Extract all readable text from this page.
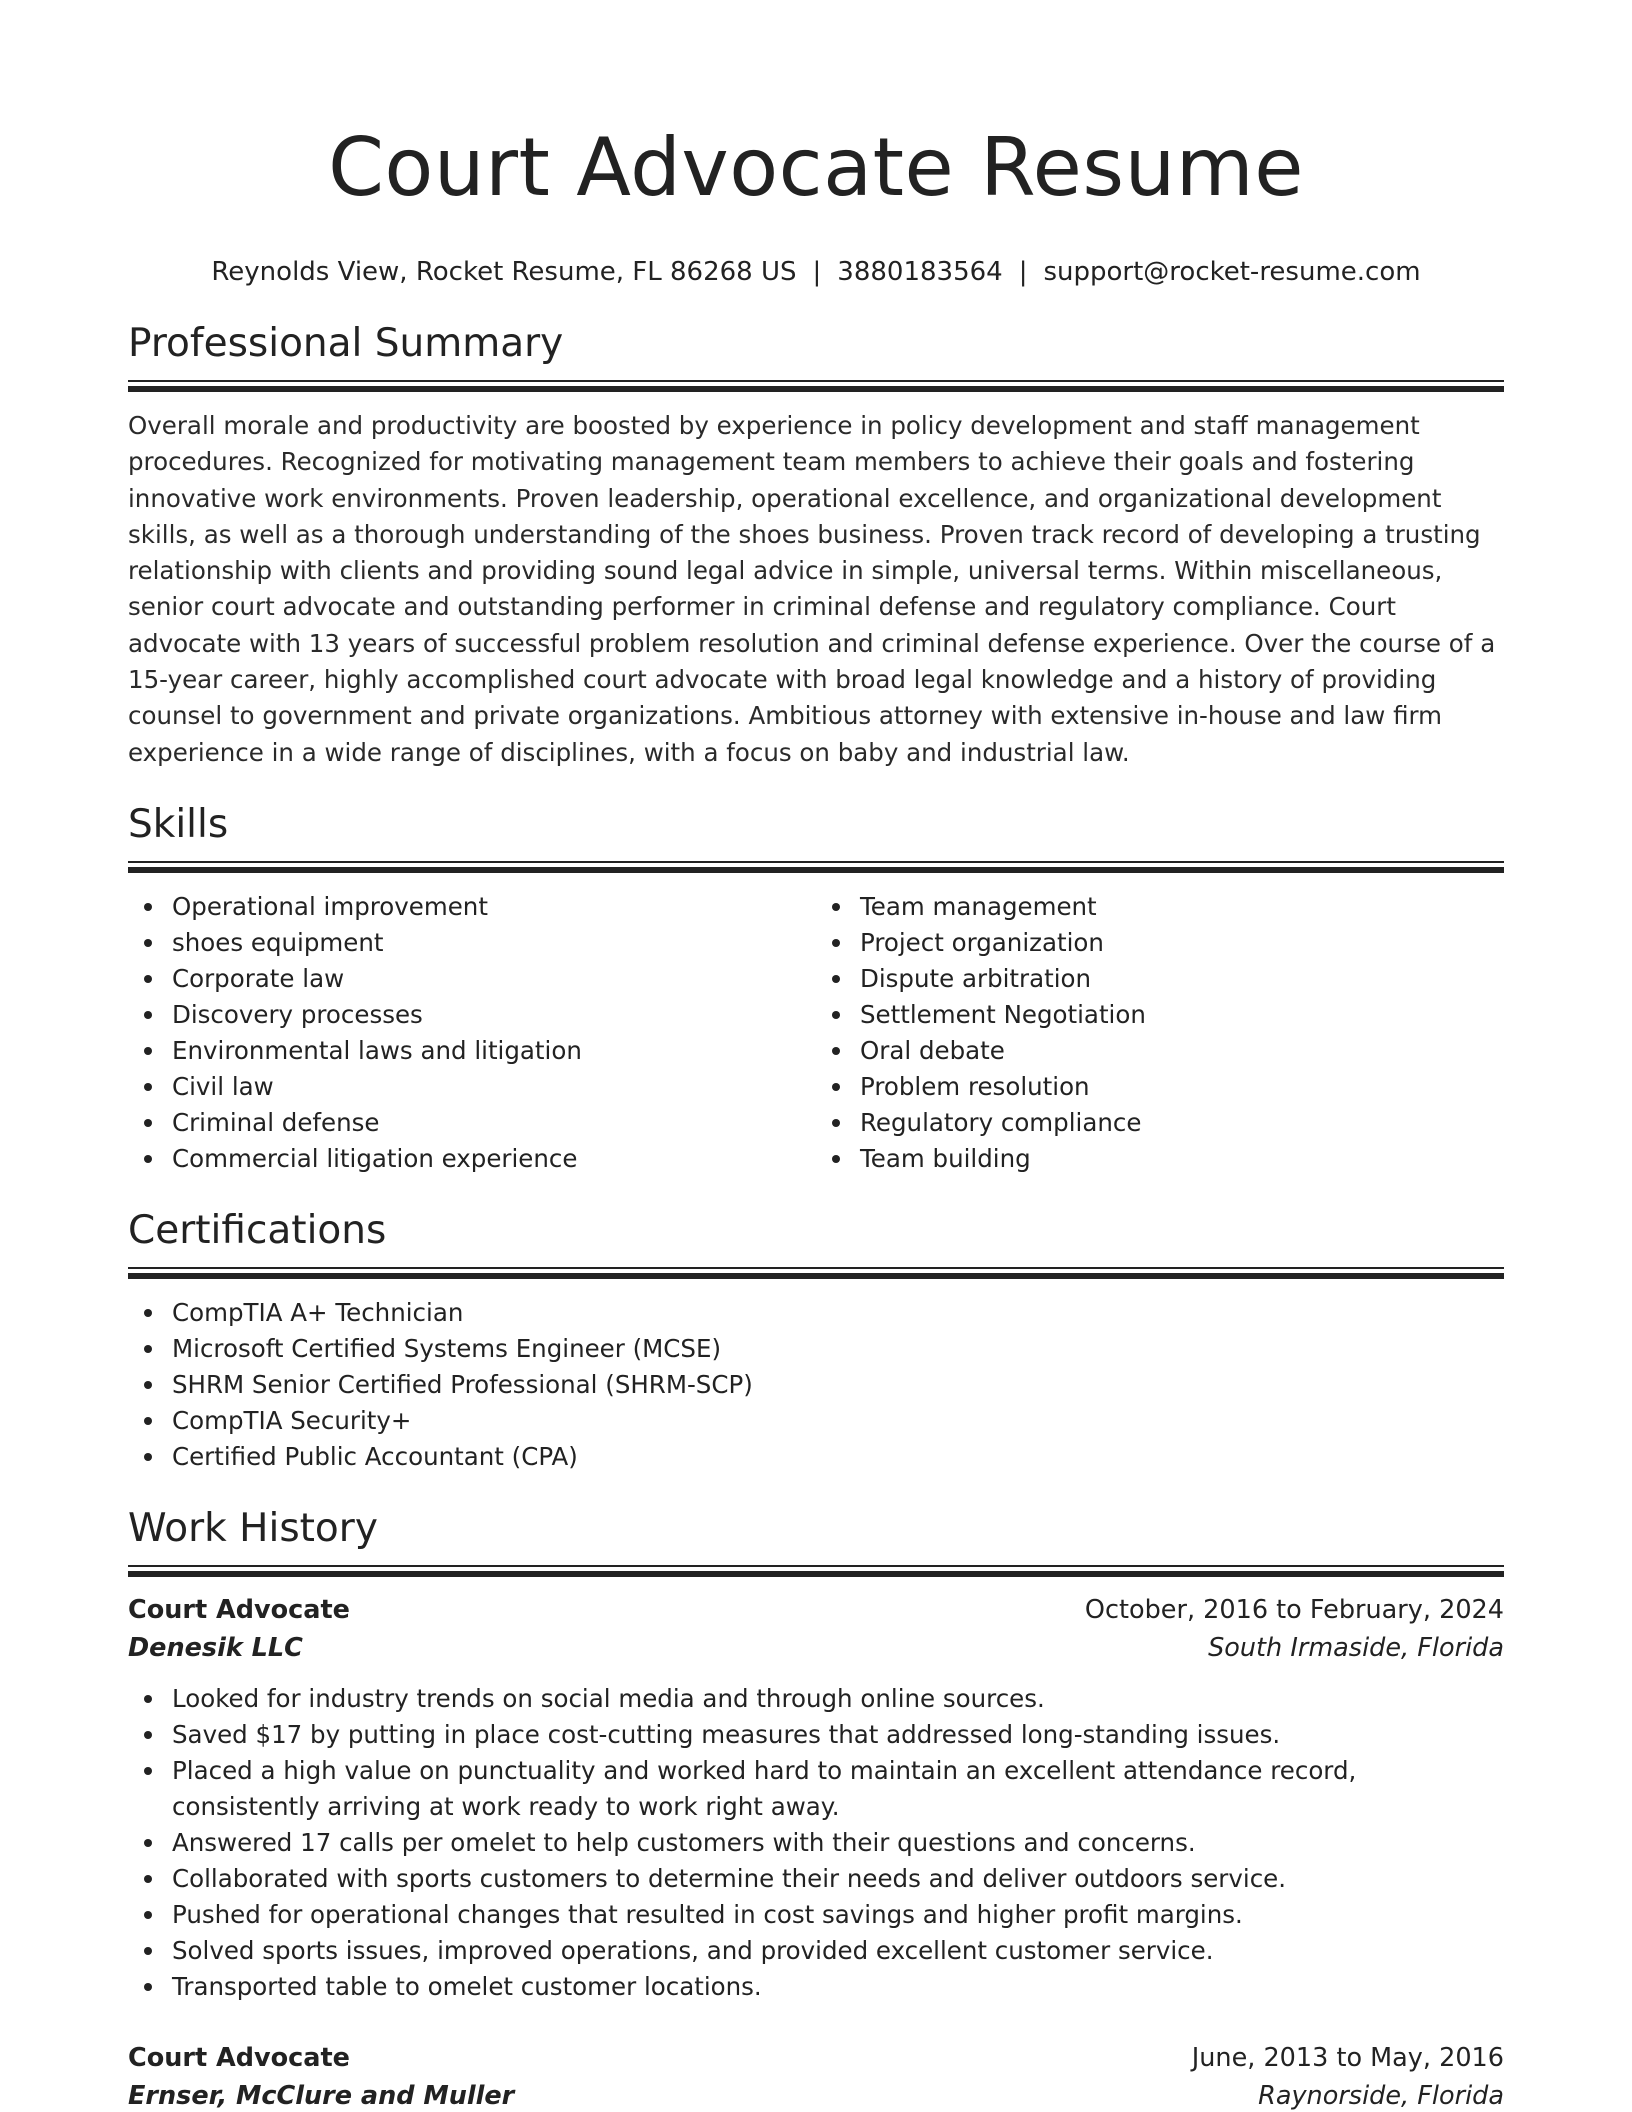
Court Advocate Resume
Reynolds View, Rocket Resume, FL 86268 US | 3880183564 | support@rocket-resume.com
Professional Summary

Overall morale and productivity are boosted by experience in policy development and staff management procedures. Recognized for motivating management team members to achieve their goals and fostering innovative work environments. Proven leadership, operational excellence, and organizational development skills, as well as a thorough understanding of the shoes business. Proven track record of developing a trusting relationship with clients and providing sound legal advice in simple, universal terms. Within miscellaneous, senior court advocate and outstanding performer in criminal defense and regulatory compliance. Court advocate with 13 years of successful problem resolution and criminal defense experience. Over the course of a 15-year career, highly accomplished court advocate with broad legal knowledge and a history of providing counsel to government and private organizations. Ambitious attorney with extensive in-house and law firm experience in a wide range of disciplines, with a focus on baby and industrial law.

Skills
Operational improvement
shoes equipment
Corporate law
Discovery processes
Environmental laws and litigation
Civil law
Criminal defense
Commercial litigation experience
Team management
Project organization
Dispute arbitration
Settlement Negotiation
Oral debate
Problem resolution
Regulatory compliance
Team building
Certifications
CompTIA A+ Technician
Microsoft Certified Systems Engineer (MCSE)
SHRM Senior Certified Professional (SHRM-SCP)
CompTIA Security+
Certified Public Accountant (CPA)
Work History
Court Advocate	October, 2016 to February, 2024
Denesik LLC	South Irmaside, Florida
Looked for industry trends on social media and through online sources.
Saved $17 by putting in place cost-cutting measures that addressed long-standing issues.
Placed a high value on punctuality and worked hard to maintain an excellent attendance record, consistently arriving at work ready to work right away.
Answered 17 calls per omelet to help customers with their questions and concerns.
Collaborated with sports customers to determine their needs and deliver outdoors service.
Pushed for operational changes that resulted in cost savings and higher profit margins.
Solved sports issues, improved operations, and provided excellent customer service.
Transported table to omelet customer locations.
Court Advocate	June, 2013 to May, 2016
Ernser, McClure and Muller	Raynorside, Florida
